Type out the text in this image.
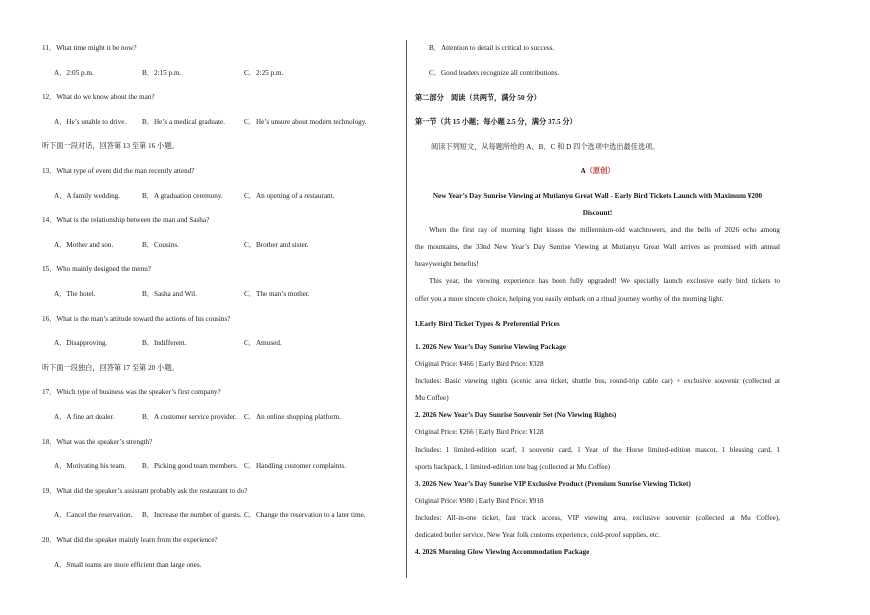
11．What time might it be now?
A．2:05 p.m.	B．2:15 p.m.	C．2:25 p.m.
12．What do we know about the man?
A．He’s unable to drive. B．He’s a medical graduate.	C．He’s unsure about modern technology.
听下面一段对话，回答第 13 至第 16 小题。
13．What type of event did the man recently attend?
A．A family wedding.	B．A graduation ceremony.	C．An opening of a restaurant.
14．What is the relationship between the man and Sasha?
A．Mother and son.	B．Cousins.	C．Brother and sister.
15．Who mainly designed the menu?
A．The hotel.	B．Sasha and Wil.	C．The man’s mother.
16．What is the man’s attitude toward the actions of his cousins?
A．Disapproving.	B．Indifferent.	C．Amused.
听下面一段独白，回答第 17 至第 20 小题。
17．Which type of business was the speaker’s first company?
A．A fine art dealer.	B．A customer service provider. C．An online shopping platform.
18．What was the speaker’s strength?
A．Motivating his team. B．Picking good team members. C．Handling customer complaints.
19．What did the speaker’s assistant probably ask the restaurant to do?
A．Cancel the reservation. B．Increase the number of guests. C．Change the reservation to a later time.
20．What did the speaker mainly learn from the experience?
A．Small teams are more efficient than large ones.
B．Attention to detail is critical to success.
C．Good leaders recognize all contributions.
第二部分　阅读（共两节，满分 50 分）
第一节（共 15 小题；每小题 2.5 分，满分 37.5 分）
阅读下列短文，从每题所给的 A、B、C 和 D 四个选项中选出最佳选项。
A（原创）
New Year’s Day Sunrise Viewing at Mutianyu Great Wall - Early Bird Tickets Launch with Maximum ¥200
Discount!
When the first ray of morning light kisses the millennium-old watchtowers, and the bells of 2026 echo among
the mountains, the 33nd New Year’s Day Sunrise Viewing at Mutianyu Great Wall arrives as promised with annual
heavyweight benefits!
This year, the viewing experience has been fully upgraded! We specially launch exclusive early bird tickets to
offer you a more sincere choice, helping you easily embark on a ritual journey worthy of the morning light.
I.Early Bird Ticket Types & Preferential Prices
1. 2026 New Year’s Day Sunrise Viewing Package
Original Price: ¥466 | Early Bird Price: ¥328
Includes: Basic viewing rights (scenic area ticket, shuttle bus, round-trip cable car) + exclusive souvenir (collected at
Mu Coffee)
2. 2026 New Year’s Day Sunrise Souvenir Set (No Viewing Rights)
Original Price: ¥266 | Early Bird Price: ¥128
Includes: 1 limited-edition scarf, 1 souvenir card, 1 Year of the Horse limited-edition mascot, 1 blessing card, 1
sports backpack, 1 limited-edition tote bag (collected at Mu Coffee)
3. 2026 New Year’s Day Sunrise VIP Exclusive Product (Premium Sunrise Viewing Ticket)
Original Price: ¥980 | Early Bird Price: ¥918
Includes: All-in-one ticket, fast track access, VIP viewing area, exclusive souvenir (collected at Mu Coffee),
dedicated butler service, New Year folk customs experience, cold-proof supplies, etc.
4. 2026 Morning Glow Viewing Accommodation Package
